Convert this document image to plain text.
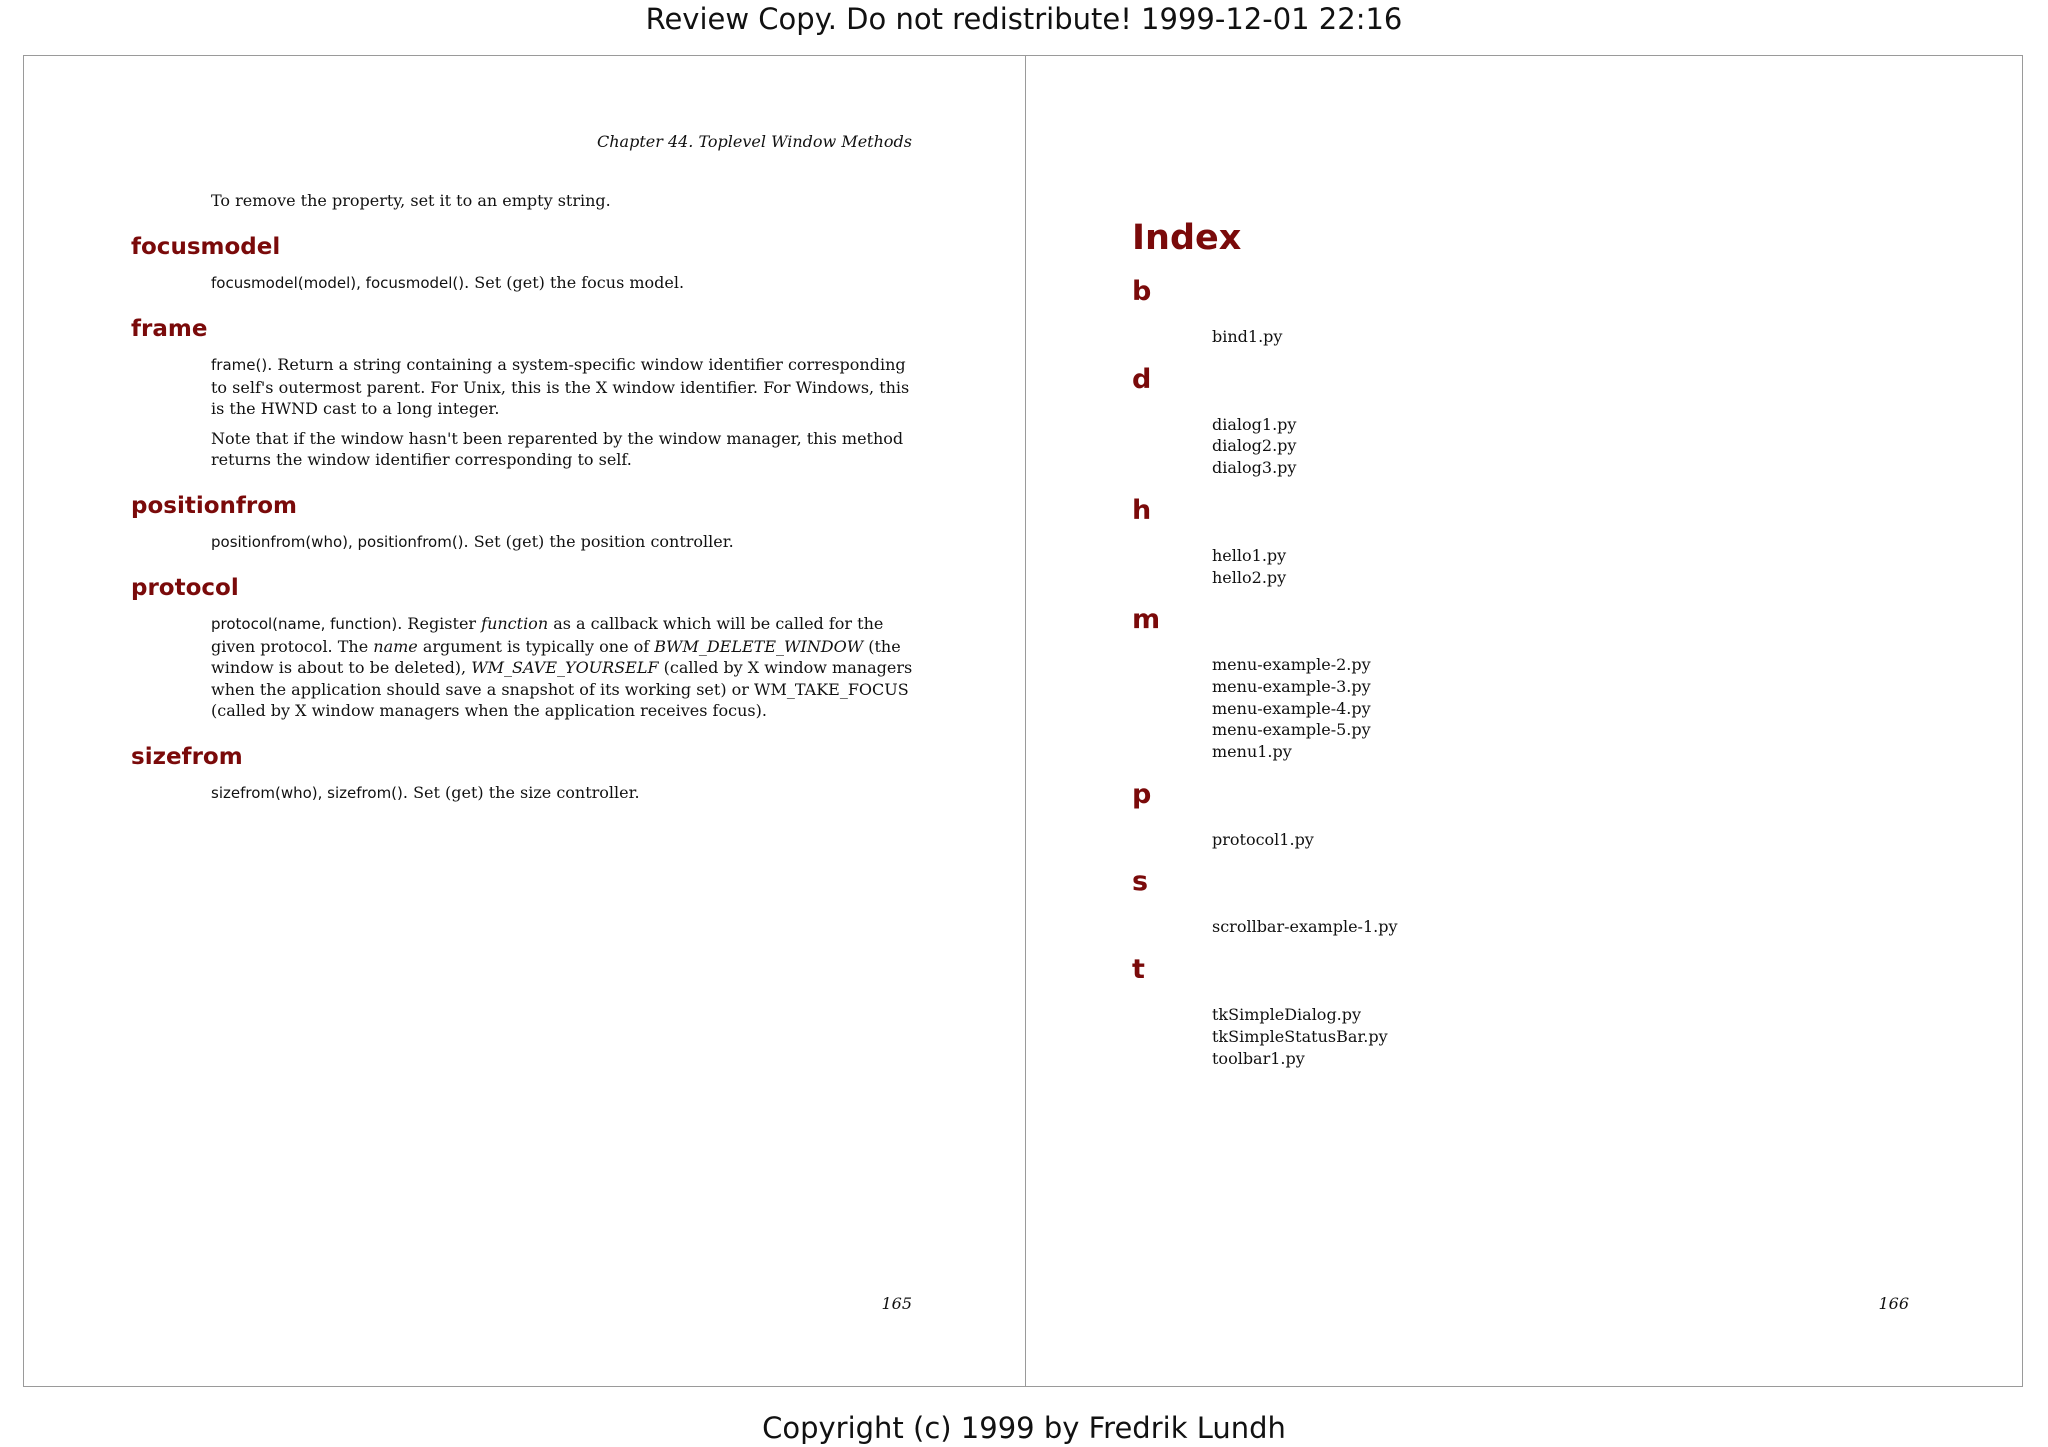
Review Copy. Do not redistribute! 1999-12-01 22:16
Chapter 44. Toplevel Window Methods

To remove the property, set it to an empty string.

focusmodel

focusmodel(model), focusmodel(). Set (get) the focus model.

frame

frame(). Return a string containing a system-specific window identifier corresponding to self's outermost parent. For Unix, this is the X window identifier. For Windows, this is the HWND cast to a long integer.

Note that if the window hasn't been reparented by the window manager, this method returns the window identifier corresponding to self.

positionfrom

positionfrom(who), positionfrom(). Set (get) the position controller.

protocol

protocol(name, function). Register function as a callback which will be called for the given protocol. The name argument is typically one of BWM_DELETE_WINDOW (the window is about to be deleted), WM_SAVE_YOURSELF (called by X window managers when the application should save a snapshot of its working set) or WM_TAKE_FOCUS (called by X window managers when the application receives focus).

sizefrom

sizefrom(who), sizefrom(). Set (get) the size controller.

165
Index
b
bind1.py
d
dialog1.py
dialog2.py
dialog3.py
h
hello1.py
hello2.py
m
menu-example-2.py
menu-example-3.py
menu-example-4.py
menu-example-5.py
menu1.py
p
protocol1.py
s
scrollbar-example-1.py
t
tkSimpleDialog.py
tkSimpleStatusBar.py
toolbar1.py
166
Copyright (c) 1999 by Fredrik Lundh
